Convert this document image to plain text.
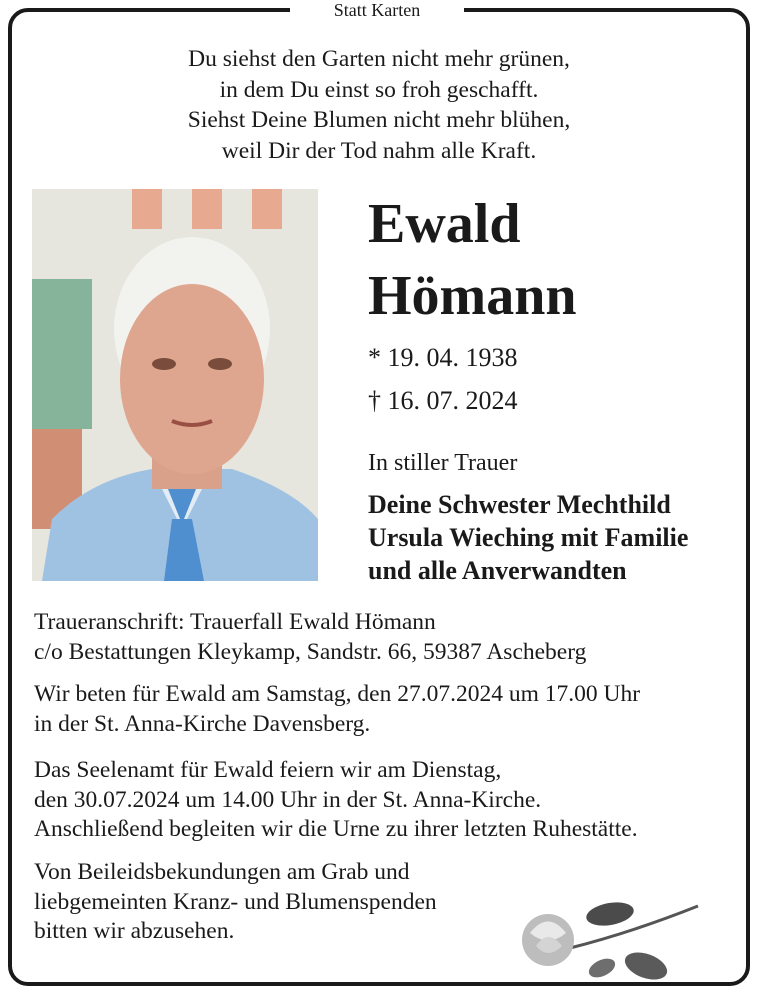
Statt Karten
Du siehst den Garten nicht mehr grünen,
in dem Du einst so froh geschafft.
Siehst Deine Blumen nicht mehr blühen,
weil Dir der Tod nahm alle Kraft.
Ewald
Hömann
* 19. 04. 1938
† 16. 07. 2024
In stiller Trauer
Deine Schwester Mechthild
Ursula Wieching mit Familie
und alle Anverwandten
Traueranschrift: Trauerfall Ewald Hömann
c/o Bestattungen Kleykamp, Sandstr. 66, 59387 Ascheberg
Wir beten für Ewald am Samstag, den 27.07.2024 um 17.00 Uhr
in der St. Anna-Kirche Davensberg.
Das Seelenamt für Ewald feiern wir am Dienstag,
den 30.07.2024 um 14.00 Uhr in der St. Anna-Kirche.
Anschließend begleiten wir die Urne zu ihrer letzten Ruhestätte.
Von Beileidsbekundungen am Grab und
liebgemeinten Kranz- und Blumenspenden
bitten wir abzusehen.
